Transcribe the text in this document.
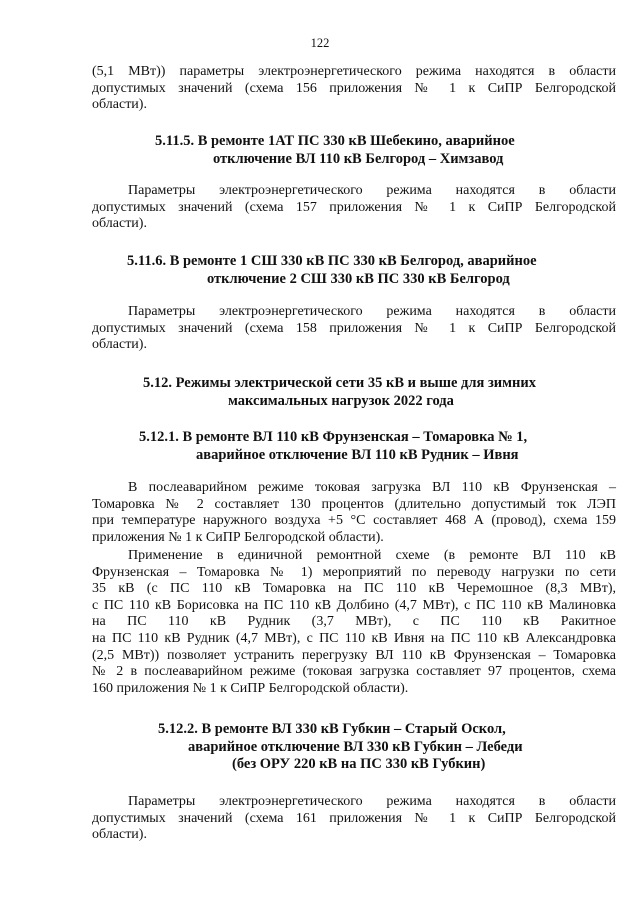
122
(5,1 МВт)) параметры электроэнергетического режима находятся в области
допустимых значений (схема 156 приложения № 1 к СиПР Белгородской
области).
5.11.5. В ремонте 1АТ ПС 330 кВ Шебекино, аварийное
отключение ВЛ 110 кВ Белгород – Химзавод
Параметры электроэнергетического режима находятся в области
допустимых значений (схема 157 приложения № 1 к СиПР Белгородской
области).
5.11.6. В ремонте 1 СШ 330 кВ ПС 330 кВ Белгород, аварийное
отключение 2 СШ 330 кВ ПС 330 кВ Белгород
Параметры электроэнергетического режима находятся в области
допустимых значений (схема 158 приложения № 1 к СиПР Белгородской
области).
5.12. Режимы электрической сети 35 кВ и выше для зимних
максимальных нагрузок 2022 года
5.12.1. В ремонте ВЛ 110 кВ Фрунзенская – Томаровка № 1,
аварийное отключение ВЛ 110 кВ Рудник – Ивня
В послеаварийном режиме токовая загрузка ВЛ 110 кВ Фрунзенская –
Томаровка № 2 составляет 130 процентов (длительно допустимый ток ЛЭП
при температуре наружного воздуха +5 °С составляет 468 А (провод), схема 159
приложения № 1 к СиПР Белгородской области).
Применение в единичной ремонтной схеме (в ремонте ВЛ 110 кВ
Фрунзенская – Томаровка № 1) мероприятий по переводу нагрузки по сети
35 кВ (с ПС 110 кВ Томаровка на ПС 110 кВ Черемошное (8,3 МВт),
с ПС 110 кВ Борисовка на ПС 110 кВ Долбино (4,7 МВт), с ПС 110 кВ Малиновка
на ПС 110 кВ Рудник (3,7 МВт), с ПС 110 кВ Ракитное
на ПС 110 кВ Рудник (4,7 МВт), с ПС 110 кВ Ивня на ПС 110 кВ Александровка
(2,5 МВт)) позволяет устранить перегрузку ВЛ 110 кВ Фрунзенская – Томаровка
№ 2 в послеаварийном режиме (токовая загрузка составляет 97 процентов, схема
160 приложения № 1 к СиПР Белгородской области).
5.12.2. В ремонте ВЛ 330 кВ Губкин – Старый Оскол,
аварийное отключение ВЛ 330 кВ Губкин – Лебеди
(без ОРУ 220 кВ на ПС 330 кВ Губкин)
Параметры электроэнергетического режима находятся в области
допустимых значений (схема 161 приложения № 1 к СиПР Белгородской
области).
